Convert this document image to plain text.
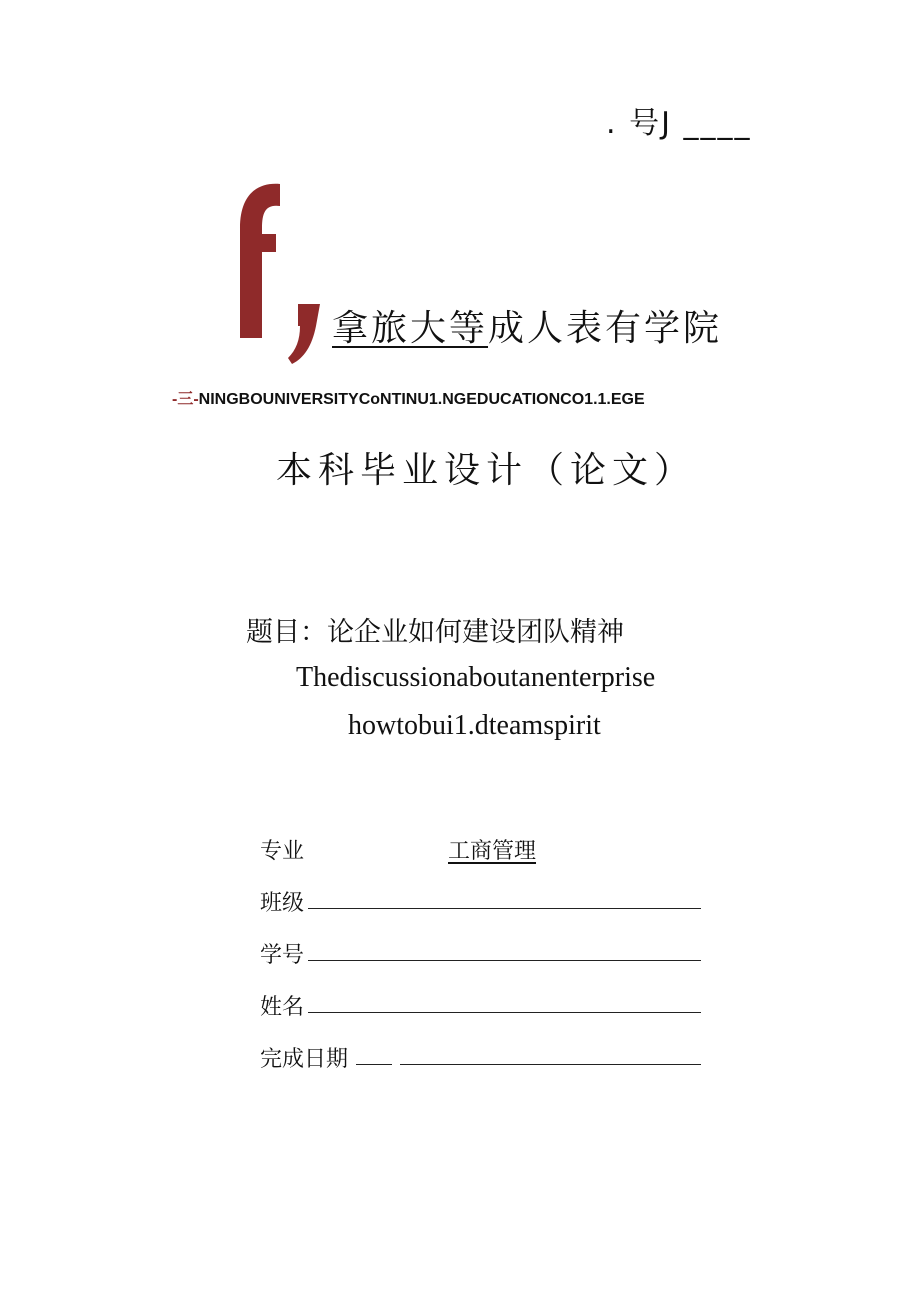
. 号J ____
拿旅大等成人表有学院
-三-NINGBOUNIVERSITYCoNTINU1.NGEDUCATIONCO1.1.EGE
本科毕业设计（论文）
题目：论企业如何建设团队精神
Thediscussionaboutanenterprise
howtobui1.dteamspirit
专业	工商管理
班级
学号
姓名
完成日期
